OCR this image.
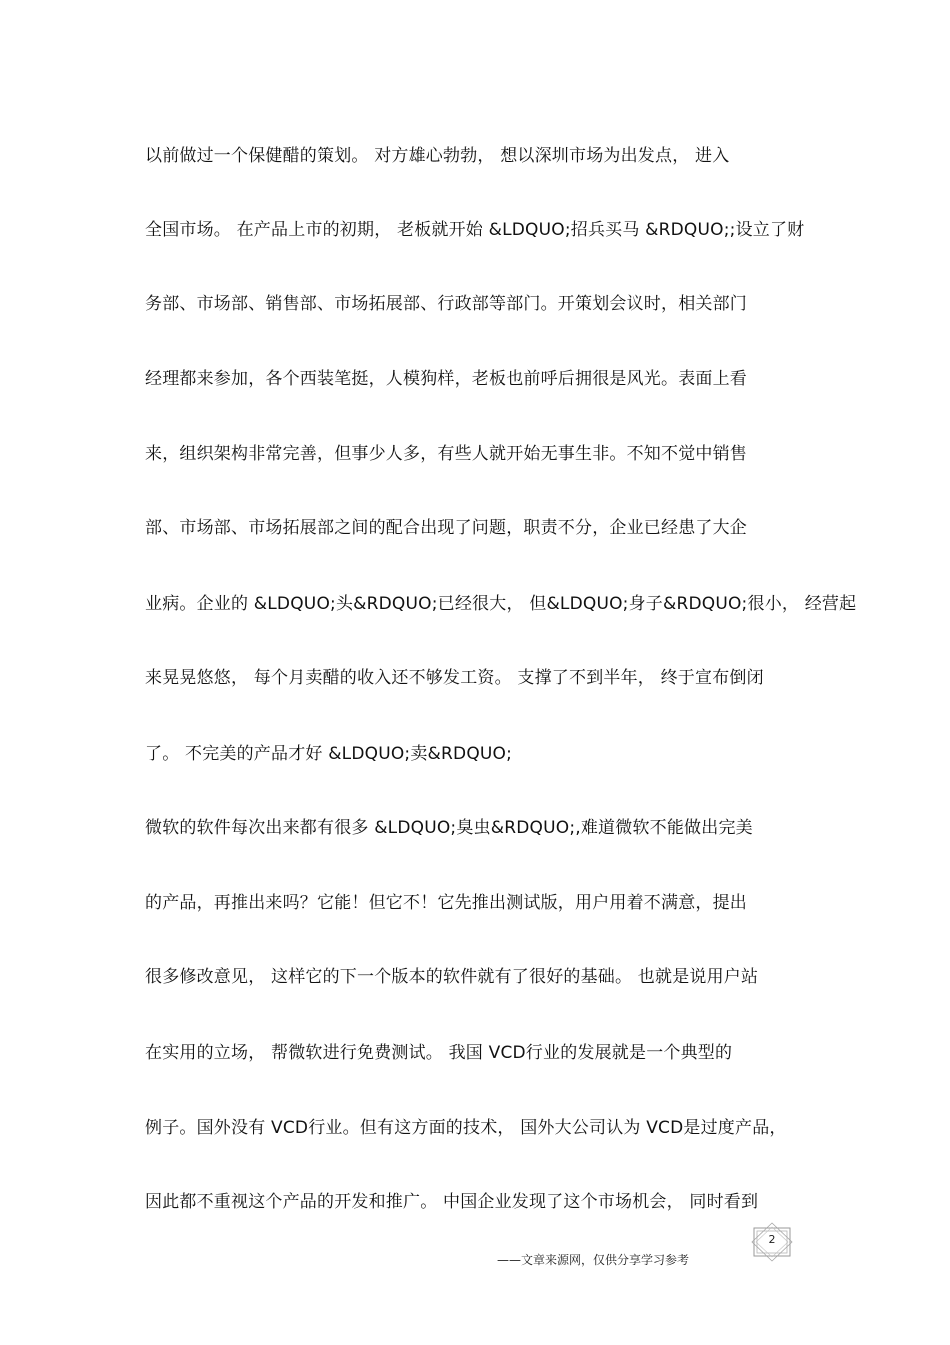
以前做过一个保健醋的策划。 对方雄心勃勃， 想以深圳市场为出发点， 进入
全国市场。 在产品上市的初期， 老板就开始 &LDQUO;招兵买马 &RDQUO;;设立了财
务部、市场部、销售部、市场拓展部、行政部等部门。开策划会议时，相关部门
经理都来参加，各个西装笔挺，人模狗样，老板也前呼后拥很是风光。表面上看
来，组织架构非常完善，但事少人多，有些人就开始无事生非。不知不觉中销售
部、市场部、市场拓展部之间的配合出现了问题，职责不分，企业已经患了大企
业病。企业的 &LDQUO;头&RDQUO;已经很大， 但&LDQUO;身子&RDQUO;很小， 经营起
来晃晃悠悠， 每个月卖醋的收入还不够发工资。 支撑了不到半年， 终于宣布倒闭
了。 不完美的产品才好 &LDQUO;卖&RDQUO;
微软的软件每次出来都有很多 &LDQUO;臭虫&RDQUO;,难道微软不能做出完美
的产品，再推出来吗？它能！但它不！它先推出测试版，用户用着不满意，提出
很多修改意见， 这样它的下一个版本的软件就有了很好的基础。 也就是说用户站
在实用的立场， 帮微软进行免费测试。 我国 VCD行业的发展就是一个典型的
例子。国外没有 VCD行业。但有这方面的技术， 国外大公司认为 VCD是过度产品，
因此都不重视这个产品的开发和推广。 中国企业发现了这个市场机会， 同时看到
2
——文章来源网，仅供分享学习参考
